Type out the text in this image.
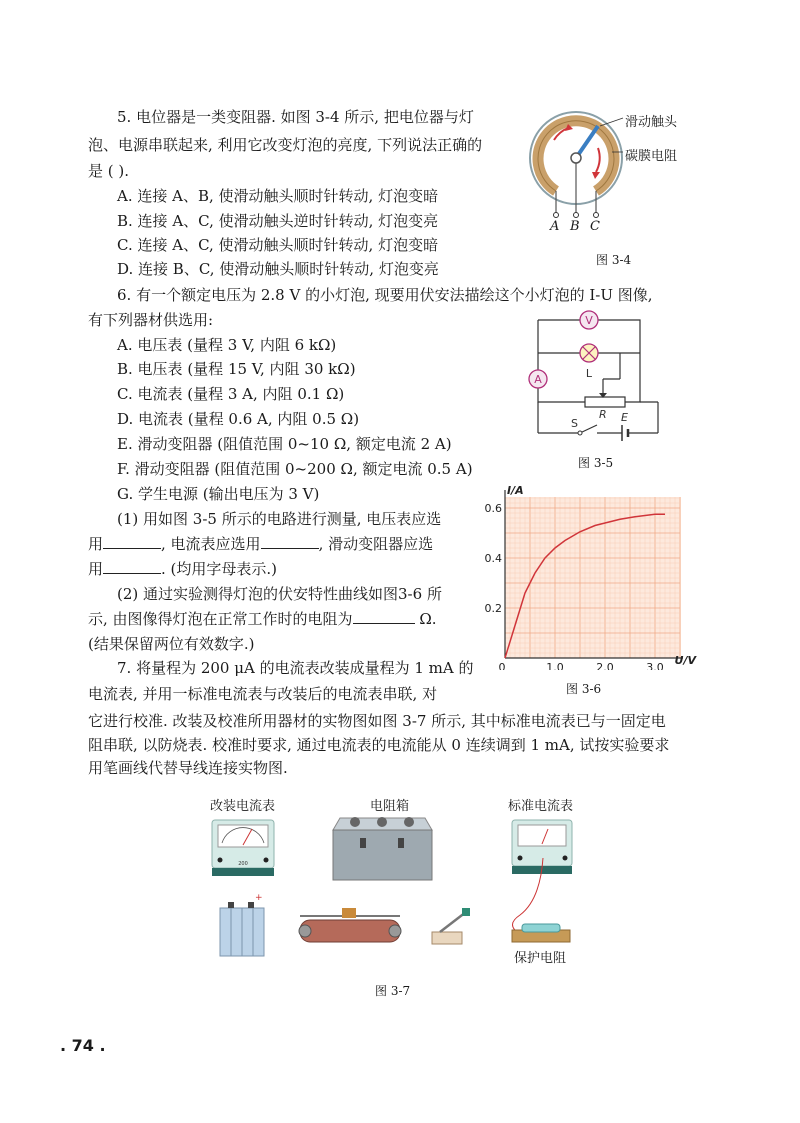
5. 电位器是一类变阻器. 如图 3-4 所示, 把电位器与灯
泡、电源串联起来, 利用它改变灯泡的亮度, 下列说法正确的
是 ( ).
A. 连接 A、B, 使滑动触头顺时针转动, 灯泡变暗
B. 连接 A、C, 使滑动触头逆时针转动, 灯泡变亮
C. 连接 A、C, 使滑动触头顺时针转动, 灯泡变暗
D. 连接 B、C, 使滑动触头顺时针转动, 灯泡变亮
滑动触头
碳膜电阻
A B C
图 3-4
6. 有一个额定电压为 2.8 V 的小灯泡, 现要用伏安法描绘这个小灯泡的 I-U 图像,
有下列器材供选用:
A. 电压表 (量程 3 V, 内阻 6 kΩ)
B. 电压表 (量程 15 V, 内阻 30 kΩ)
C. 电流表 (量程 3 A, 内阻 0.1 Ω)
D. 电流表 (量程 0.6 A, 内阻 0.5 Ω)
E. 滑动变阻器 (阻值范围 0~10 Ω, 额定电流 2 A)
F. 滑动变阻器 (阻值范围 0~200 Ω, 额定电流 0.5 A)
G. 学生电源 (输出电压为 3 V)
(1) 用如图 3-5 所示的电路进行测量, 电压表应选
用	, 电流表应选用	, 滑动变阻器应选
用	. (均用字母表示.)
(2) 通过实验测得灯泡的伏安特性曲线如图3-6 所
示, 由图像得灯泡在正常工作时的电阻为	Ω.
(结果保留两位有效数字.)
V
A	L
R
S	E
图 3-5
0	1.0	2.0	3.0
0.2
0.4
0.6
I/A
U/V
图 3-6
7. 将量程为 200 μA 的电流表改装成量程为 1 mA 的
电流表, 并用一标准电流表与改装后的电流表串联, 对
它进行校准. 改装及校准所用器材的实物图如图 3-7 所示, 其中标准电流表已与一固定电
阻串联, 以防烧表. 校准时要求, 通过电流表的电流能从 0 连续调到 1 mA, 试按实验要求
用笔画线代替导线连接实物图.
改装电流表	电阻箱	标准电流表
200
+
保护电阻
图 3-7
. 74 .
